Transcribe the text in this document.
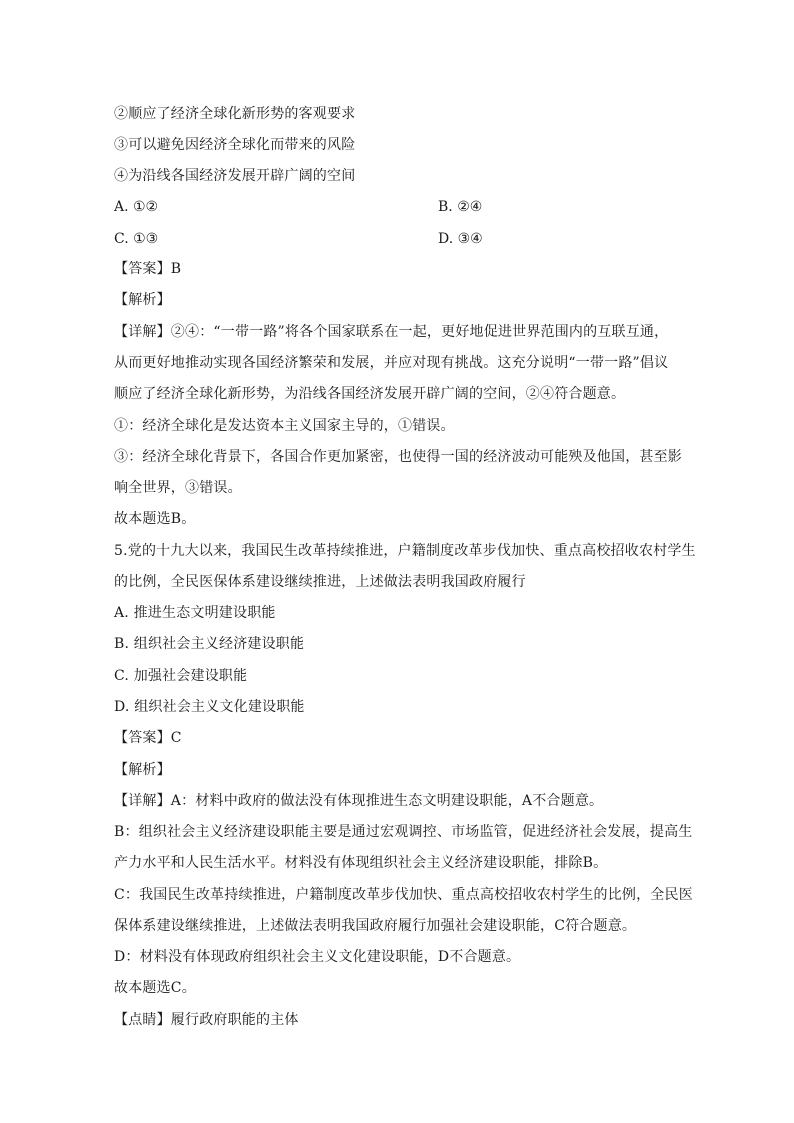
②顺应了经济全球化新形势的客观要求
③可以避免因经济全球化而带来的风险
④为沿线各国经济发展开辟广阔的空间
A. ①②	B. ②④
C. ①③	D. ③④
【答案】B
【解析】
【详解】②④：“一带一路”将各个国家联系在一起，更好地促进世界范围内的互联互通，
从而更好地推动实现各国经济繁荣和发展，并应对现有挑战。这充分说明“一带一路”倡议
顺应了经济全球化新形势，为沿线各国经济发展开辟广阔的空间，②④符合题意。
①：经济全球化是发达资本主义国家主导的，①错误。
③：经济全球化背景下，各国合作更加紧密，也使得一国的经济波动可能殃及他国，甚至影
响全世界，③错误。
故本题选B。
5.党的十九大以来，我国民生改革持续推进，户籍制度改革步伐加快、重点高校招收农村学生
的比例，全民医保体系建设继续推进，上述做法表明我国政府履行
A. 推进生态文明建设职能
B. 组织社会主义经济建设职能
C. 加强社会建设职能
D. 组织社会主义文化建设职能
【答案】C
【解析】
【详解】A：材料中政府的做法没有体现推进生态文明建设职能，A不合题意。
B：组织社会主义经济建设职能主要是通过宏观调控、市场监管，促进经济社会发展，提高生
产力水平和人民生活水平。材料没有体现组织社会主义经济建设职能，排除B。
C：我国民生改革持续推进，户籍制度改革步伐加快、重点高校招收农村学生的比例，全民医
保体系建设继续推进，上述做法表明我国政府履行加强社会建设职能，C符合题意。
D：材料没有体现政府组织社会主义文化建设职能，D不合题意。
故本题选C。
【点睛】履行政府职能的主体
